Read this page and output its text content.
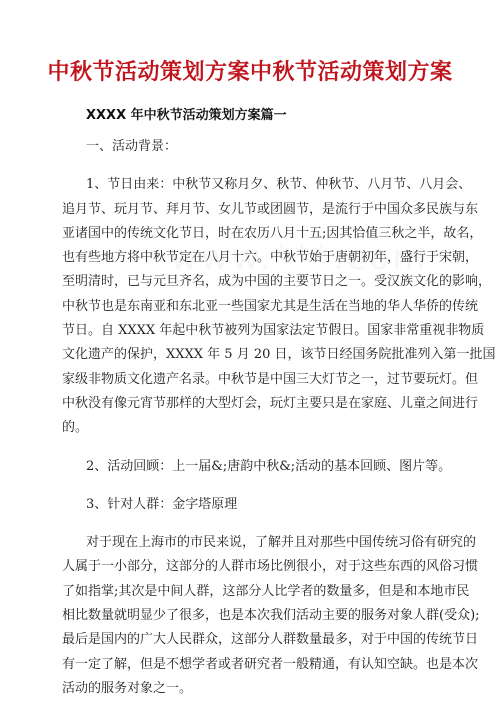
中秋节活动策划方案中秋节活动策划方案
XXXX 年中秋节活动策划方案篇一
一、活动背景：
1、节日由来：中秋节又称月夕、秋节、仲秋节、八月节、八月会、
追月节、玩月节、拜月节、女儿节或团圆节，是流行于中国众多民族与东
亚诸国中的传统文化节日，时在农历八月十五;因其恰值三秋之半，故名，
也有些地方将中秋节定在八月十六。中秋节始于唐朝初年，盛行于宋朝，
至明清时，已与元旦齐名，成为中国的主要节日之一。受汉族文化的影响，
中秋节也是东南亚和东北亚一些国家尤其是生活在当地的华人华侨的传统
节日。自 XXXX 年起中秋节被列为国家法定节假日。国家非常重视非物质
文化遗产的保护，XXXX 年 5 月 20 日，该节日经国务院批准列入第一批国
家级非物质文化遗产名录。中秋节是中国三大灯节之一，过节要玩灯。但
中秋没有像元宵节那样的大型灯会，玩灯主要只是在家庭、儿童之间进行
的。
2、活动回顾：上一届&;唐韵中秋&;活动的基本回顾、图片等。
3、针对人群：金字塔原理
对于现在上海市的市民来说，了解并且对那些中国传统习俗有研究的
人属于一小部分，这部分的人群市场比例很小，对于这些东西的风俗习惯
了如指掌;其次是中间人群，这部分人比学者的数量多，但是和本地市民
相比数量就明显少了很多，也是本次我们活动主要的服务对象人群(受众);
最后是国内的广大人民群众，这部分人群数量最多，对于中国的传统节日
有一定了解，但是不想学者或者研究者一般精通，有认知空缺。也是本次
活动的服务对象之一。
